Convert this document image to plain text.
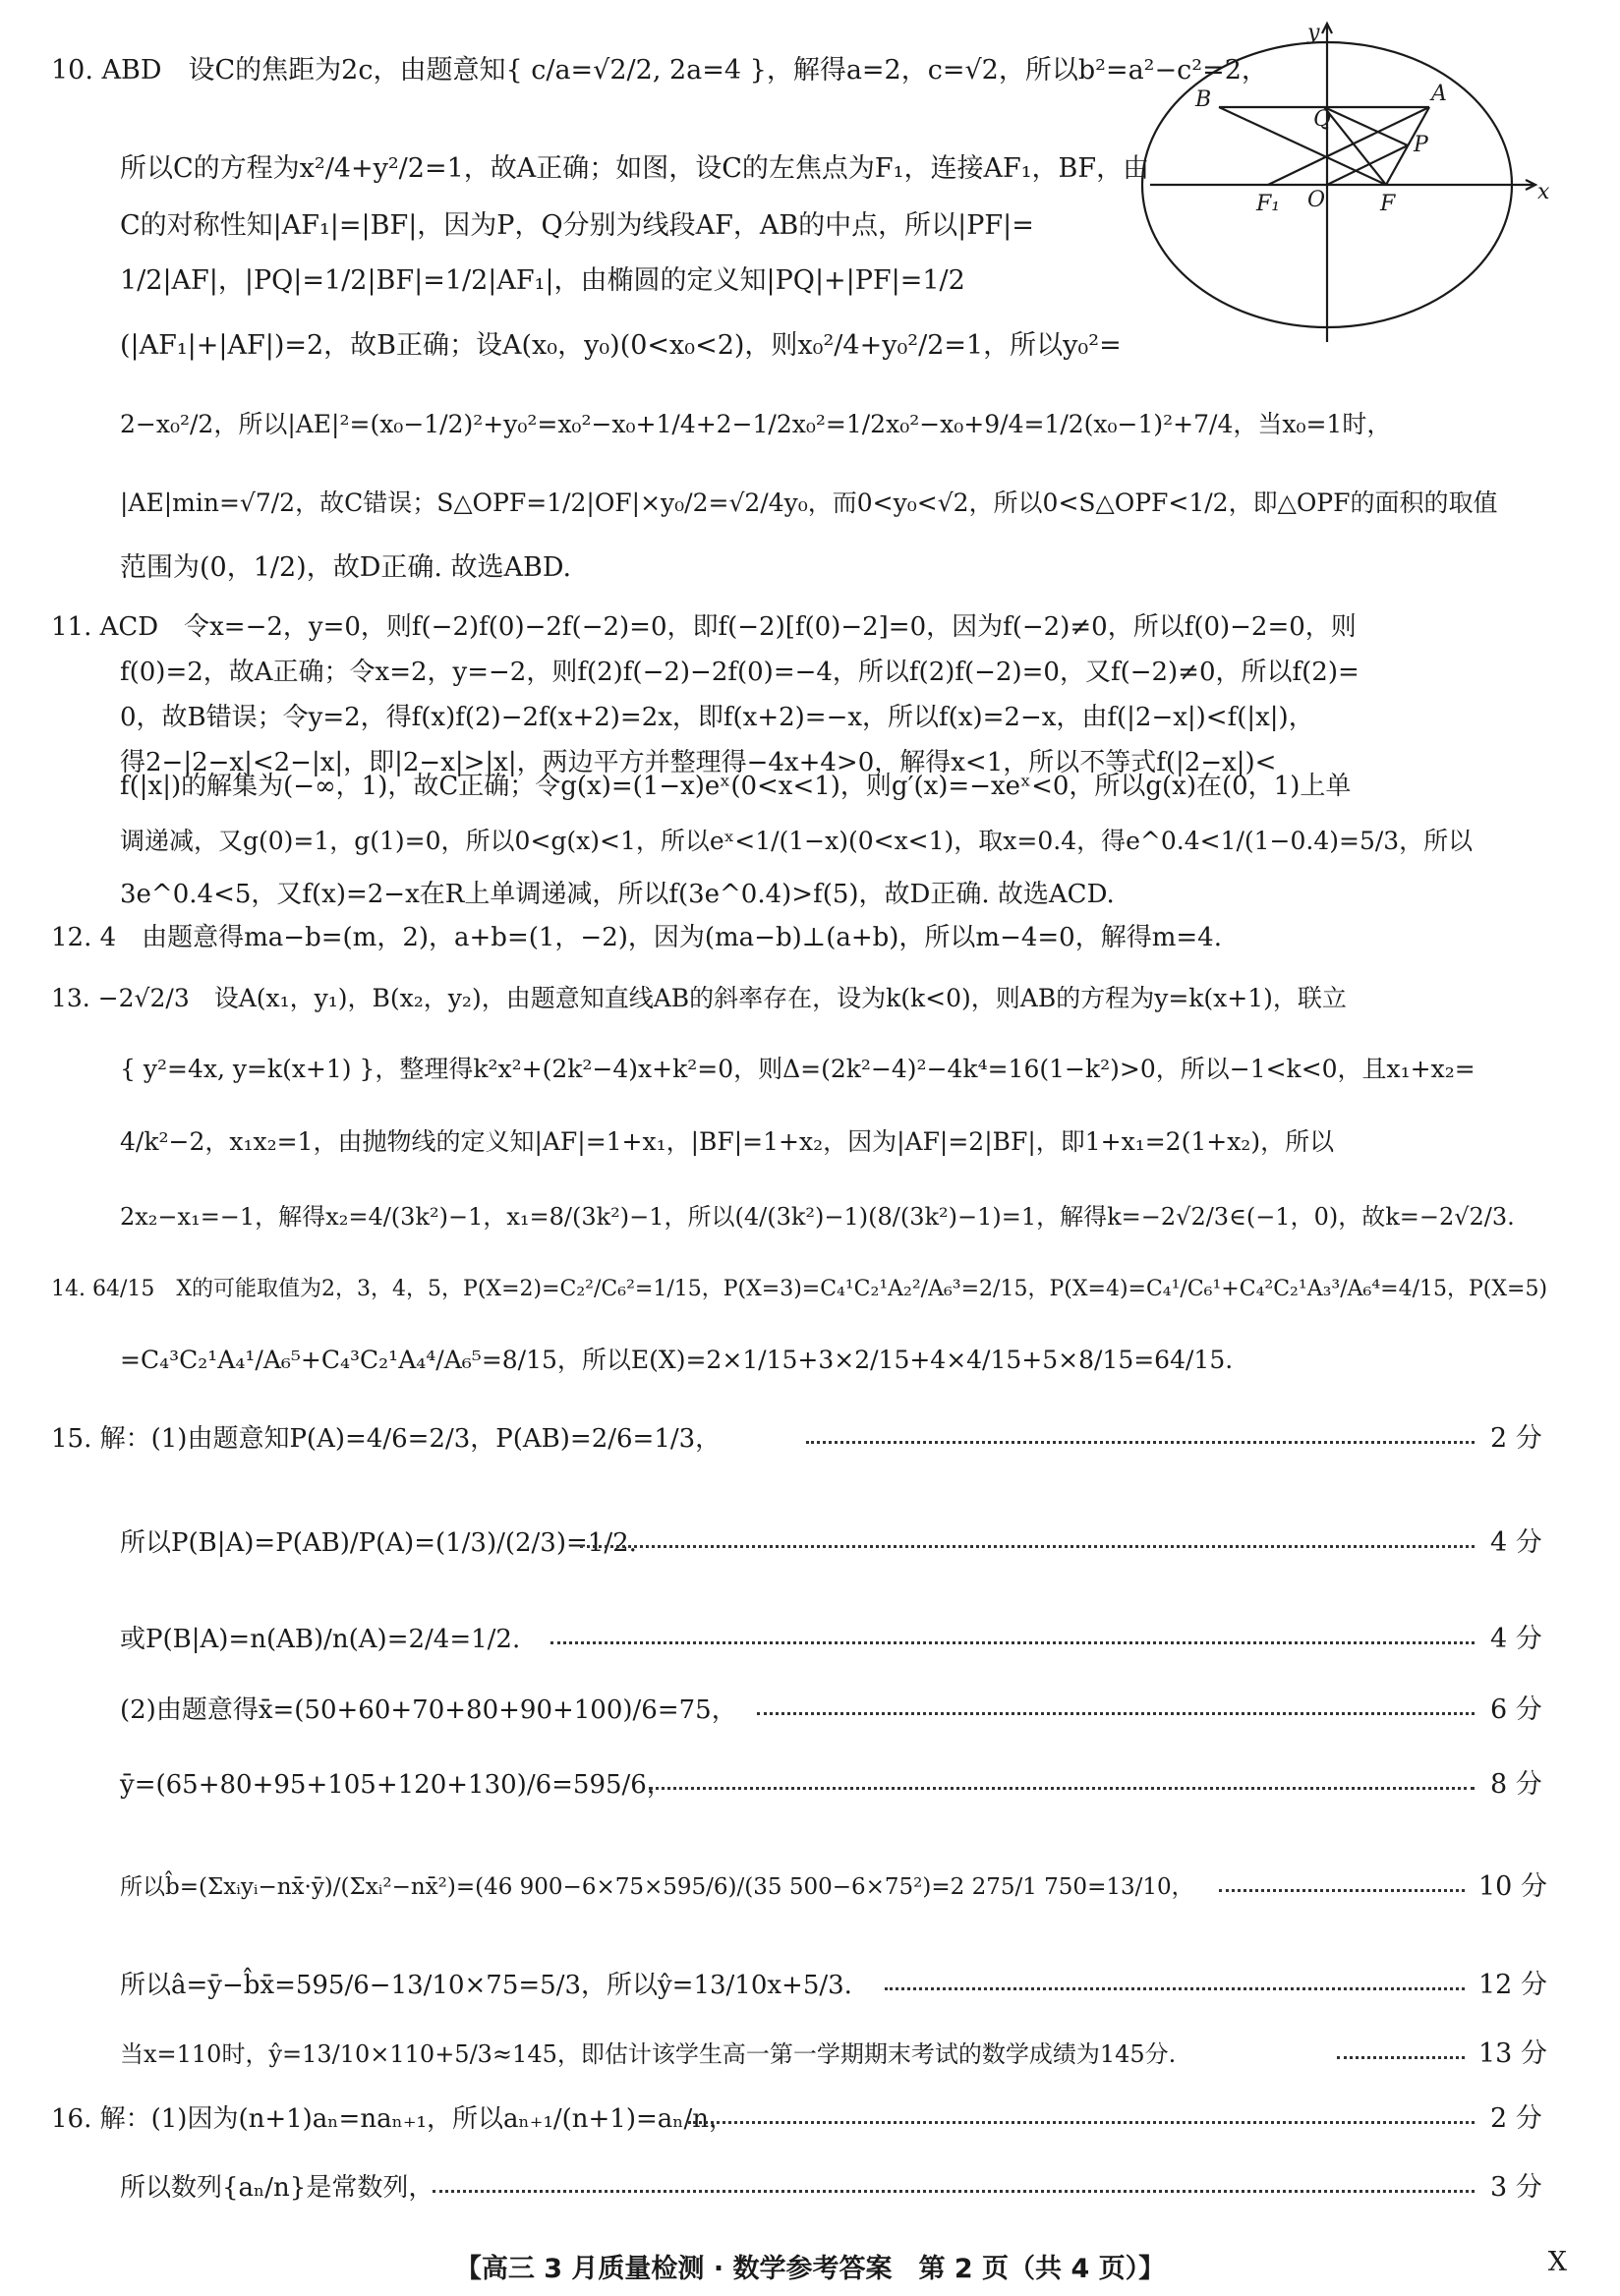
10. ABD　设C的焦距为2c，由题意知{ c/a=√2/2, 2a=4 }，解得a=2，c=√2，所以b²=a²−c²=2，
所以C的方程为x²/4+y²/2=1，故A正确；如图，设C的左焦点为F₁，连接AF₁，BF，由
C的对称性知|AF₁|=|BF|，因为P，Q分别为线段AF，AB的中点，所以|PF|=
1/2|AF|，|PQ|=1/2|BF|=1/2|AF₁|，由椭圆的定义知|PQ|+|PF|=1/2
(|AF₁|+|AF|)=2，故B正确；设A(x₀，y₀)(0<x₀<2)，则x₀²/4+y₀²/2=1，所以y₀²=
2−x₀²/2，所以|AE|²=(x₀−1/2)²+y₀²=x₀²−x₀+1/4+2−1/2x₀²=1/2x₀²−x₀+9/4=1/2(x₀−1)²+7/4，当x₀=1时，
|AE|min=√7/2，故C错误；S△OPF=1/2|OF|×y₀/2=√2/4y₀，而0<y₀<√2，所以0<S△OPF<1/2，即△OPF的面积的取值
范围为(0，1/2)，故D正确. 故选ABD.
11. ACD　令x=−2，y=0，则f(−2)f(0)−2f(−2)=0，即f(−2)[f(0)−2]=0，因为f(−2)≠0，所以f(0)−2=0，则
f(0)=2，故A正确；令x=2，y=−2，则f(2)f(−2)−2f(0)=−4，所以f(2)f(−2)=0，又f(−2)≠0，所以f(2)=
0，故B错误；令y=2，得f(x)f(2)−2f(x+2)=2x，即f(x+2)=−x，所以f(x)=2−x，由f(|2−x|)<f(|x|)，
得2−|2−x|<2−|x|，即|2−x|>|x|，两边平方并整理得−4x+4>0，解得x<1，所以不等式f(|2−x|)<
f(|x|)的解集为(−∞，1)，故C正确；令g(x)=(1−x)eˣ(0<x<1)，则g′(x)=−xeˣ<0，所以g(x)在(0，1)上单
调递减，又g(0)=1，g(1)=0，所以0<g(x)<1，所以eˣ<1/(1−x)(0<x<1)，取x=0.4，得e^0.4<1/(1−0.4)=5/3，所以
3e^0.4<5，又f(x)=2−x在R上单调递减，所以f(3e^0.4)>f(5)，故D正确. 故选ACD.
12. 4　由题意得ma−b=(m，2)，a+b=(1，−2)，因为(ma−b)⊥(a+b)，所以m−4=0，解得m=4.
13. −2√2/3　设A(x₁，y₁)，B(x₂，y₂)，由题意知直线AB的斜率存在，设为k(k<0)，则AB的方程为y=k(x+1)，联立
{ y²=4x, y=k(x+1) }，整理得k²x²+(2k²−4)x+k²=0，则Δ=(2k²−4)²−4k⁴=16(1−k²)>0，所以−1<k<0，且x₁+x₂=
4/k²−2，x₁x₂=1，由抛物线的定义知|AF|=1+x₁，|BF|=1+x₂，因为|AF|=2|BF|，即1+x₁=2(1+x₂)，所以
2x₂−x₁=−1，解得x₂=4/(3k²)−1，x₁=8/(3k²)−1，所以(4/(3k²)−1)(8/(3k²)−1)=1，解得k=−2√2/3∈(−1，0)，故k=−2√2/3.
14. 64/15　X的可能取值为2，3，4，5，P(X=2)=C₂²/C₆²=1/15，P(X=3)=C₄¹C₂¹A₂²/A₆³=2/15，P(X=4)=C₄¹/C₆¹+C₄²C₂¹A₃³/A₆⁴=4/15，P(X=5)
=C₄³C₂¹A₄¹/A₆⁵+C₄³C₂¹A₄⁴/A₆⁵=8/15，所以E(X)=2×1/15+3×2/15+4×4/15+5×8/15=64/15.
15. 解：(1)由题意知P(A)=4/6=2/3，P(AB)=2/6=1/3，	2 分
所以P(B|A)=P(AB)/P(A)=(1/3)/(2/3)=1/2.	4 分
或P(B|A)=n(AB)/n(A)=2/4=1/2.	4 分
(2)由题意得x̄=(50+60+70+80+90+100)/6=75，	6 分
ȳ=(65+80+95+105+120+130)/6=595/6，	8 分
所以b̂=(Σxᵢyᵢ−nx̄·ȳ)/(Σxᵢ²−nx̄²)=(46 900−6×75×595/6)/(35 500−6×75²)=2 275/1 750=13/10，	10 分
所以â=ȳ−b̂x̄=595/6−13/10×75=5/3，所以ŷ=13/10x+5/3.	12 分
当x=110时，ŷ=13/10×110+5/3≈145，即估计该学生高一第一学期期末考试的数学成绩为145分.	13 分
16. 解：(1)因为(n+1)aₙ=naₙ₊₁，所以aₙ₊₁/(n+1)=aₙ/n，	2 分
所以数列{aₙ/n}是常数列，	3 分
x
y
B	A
Q
P
F₁ O	F
【高三 3 月质量检测 · 数学参考答案　第 2 页（共 4 页）】	X
